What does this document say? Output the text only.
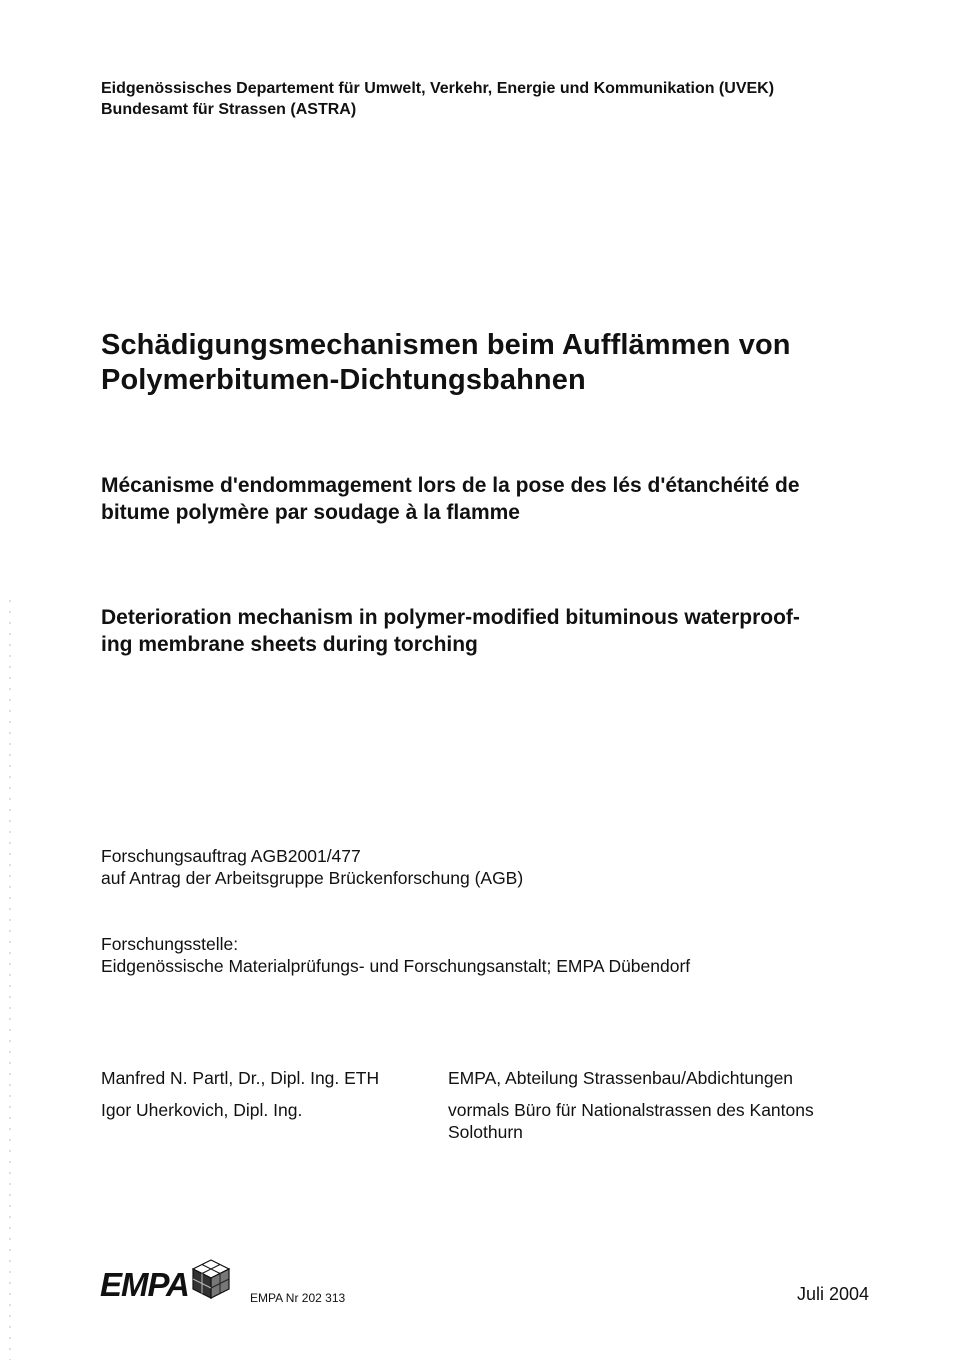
Eidgenössisches Departement für Umwelt, Verkehr, Energie und Kommunikation (UVEK)
Bundesamt für Strassen (ASTRA)
Schädigungsmechanismen beim Aufflämmen von
Polymerbitumen-Dichtungsbahnen
Mécanisme d'endommagement lors de la pose des lés d'étanchéité de
bitume polymère par soudage à la flamme
Deterioration mechanism in polymer-modified bituminous waterproof-
ing membrane sheets during torching
Forschungsauftrag AGB2001/477
auf Antrag der Arbeitsgruppe Brückenforschung (AGB)
Forschungsstelle:
Eidgenössische Materialprüfungs- und Forschungsanstalt; EMPA Dübendorf
Manfred N. Partl, Dr., Dipl. Ing. ETH	EMPA, Abteilung Strassenbau/Abdichtungen
Igor Uherkovich, Dipl. Ing.	vormals Büro für Nationalstrassen des Kantons
Solothurn
EMPA	EMPA Nr 202 313	Juli 2004
